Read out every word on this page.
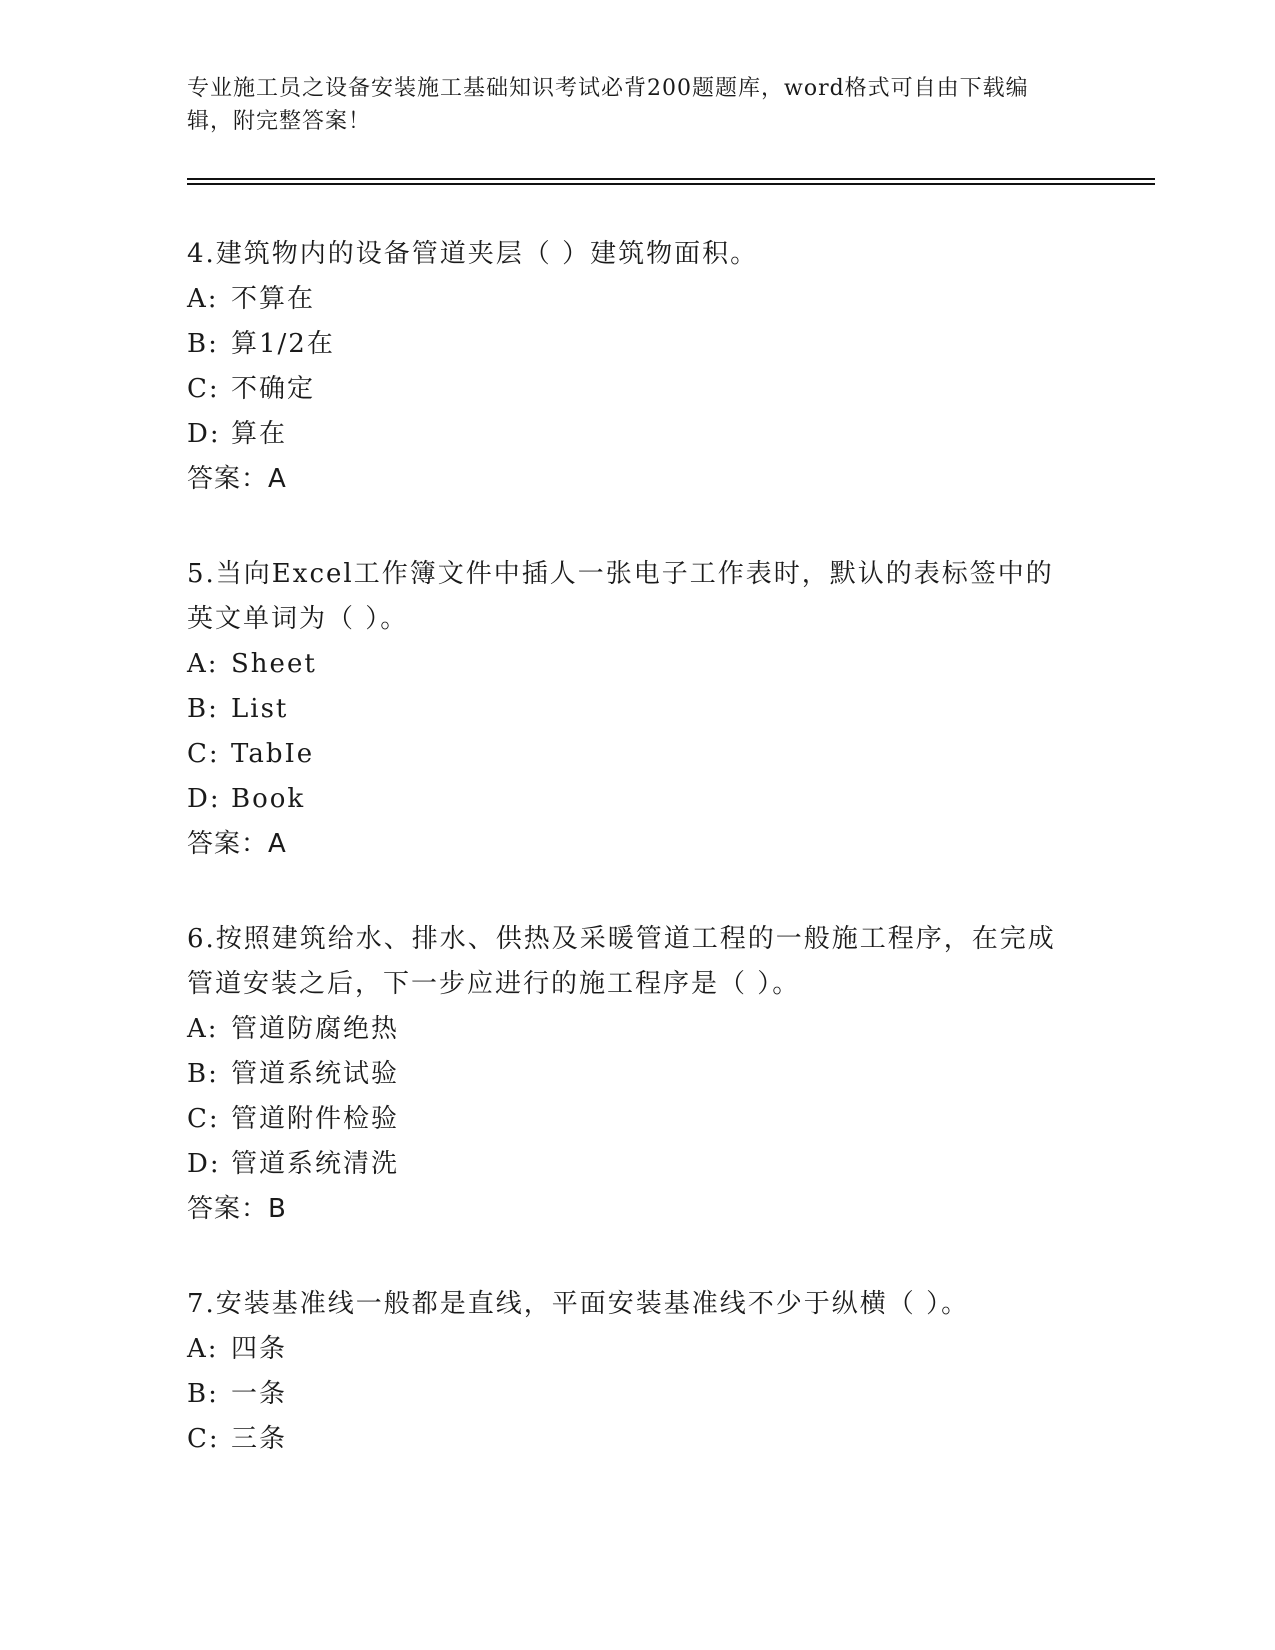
专业施工员之设备安装施工基础知识考试必背200题题库，word格式可自由下载编辑，附完整答案！

4.建筑物内的设备管道夹层（ ）建筑物面积。

A: 不算在

B: 算1/2在

C: 不确定

D: 算在

答案：A

5.当向Excel工作簿文件中插人一张电子工作表时，默认的表标签中的英文单词为（ ）。

A: Sheet

B: List

C: TabIe

D: Book

答案：A

6.按照建筑给水、排水、供热及采暖管道工程的一般施工程序，在完成管道安装之后，下一步应进行的施工程序是（ ）。

A: 管道防腐绝热

B: 管道系统试验

C: 管道附件检验

D: 管道系统清洗

答案：B

7.安装基准线一般都是直线，平面安装基准线不少于纵横（ ）。

A: 四条

B: 一条

C: 三条
